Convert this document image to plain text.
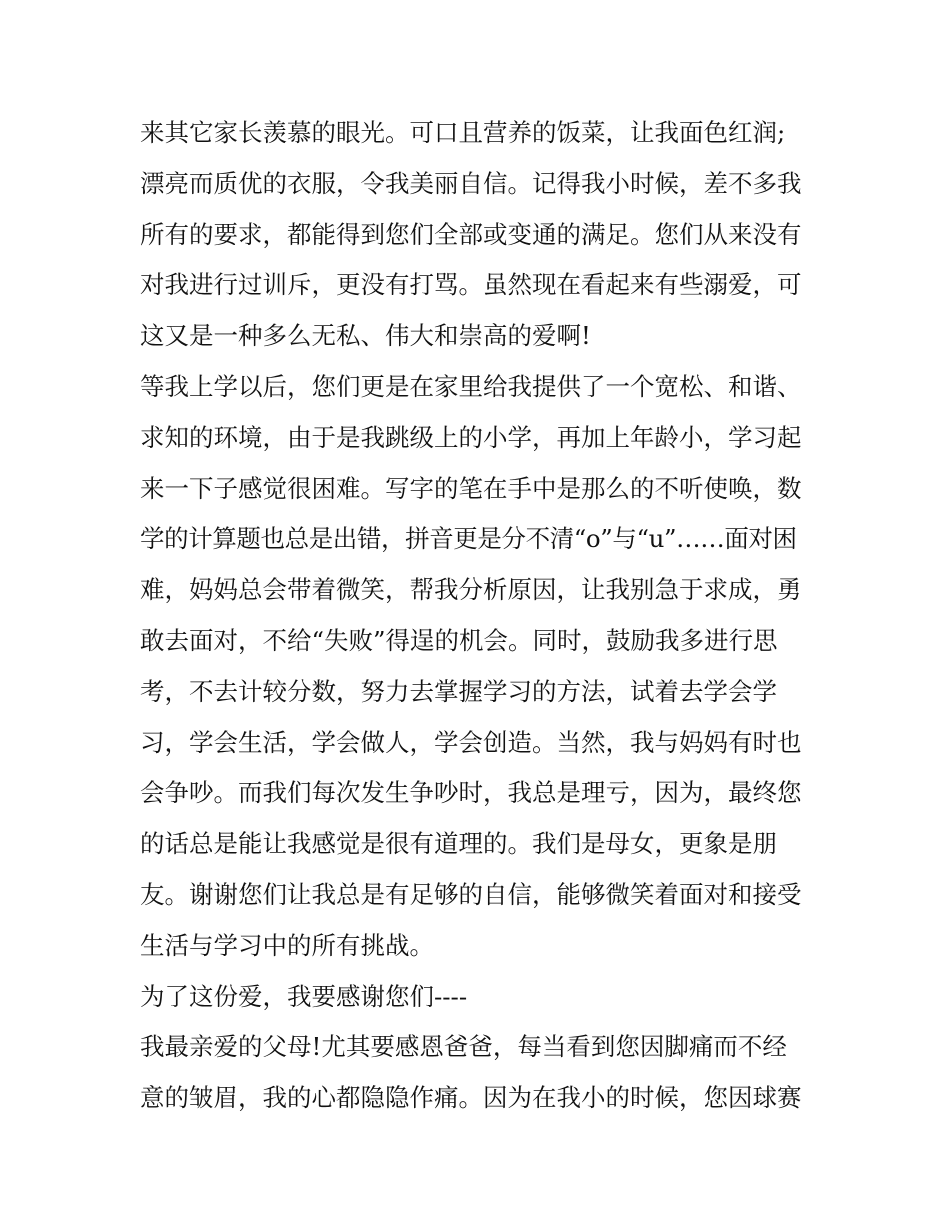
来其它家长羡慕的眼光。可口且营养的饭菜，让我面色红润;
漂亮而质优的衣服，令我美丽自信。记得我小时候，差不多我
所有的要求，都能得到您们全部或变通的满足。您们从来没有
对我进行过训斥，更没有打骂。虽然现在看起来有些溺爱，可
这又是一种多么无私、伟大和崇高的爱啊!
等我上学以后，您们更是在家里给我提供了一个宽松、和谐、
求知的环境，由于是我跳级上的小学，再加上年龄小，学习起
来一下子感觉很困难。写字的笔在手中是那么的不听使唤，数
学的计算题也总是出错，拼音更是分不清“o”与“u”……面对困
难，妈妈总会带着微笑，帮我分析原因，让我别急于求成，勇
敢去面对，不给“失败”得逞的机会。同时，鼓励我多进行思
考，不去计较分数，努力去掌握学习的方法，试着去学会学
习，学会生活，学会做人，学会创造。当然，我与妈妈有时也
会争吵。而我们每次发生争吵时，我总是理亏，因为，最终您
的话总是能让我感觉是很有道理的。我们是母女，更象是朋
友。谢谢您们让我总是有足够的自信，能够微笑着面对和接受
生活与学习中的所有挑战。
为了这份爱，我要感谢您们----
我最亲爱的父母!尤其要感恩爸爸，每当看到您因脚痛而不经
意的皱眉，我的心都隐隐作痛。因为在我小的时候，您因球赛
